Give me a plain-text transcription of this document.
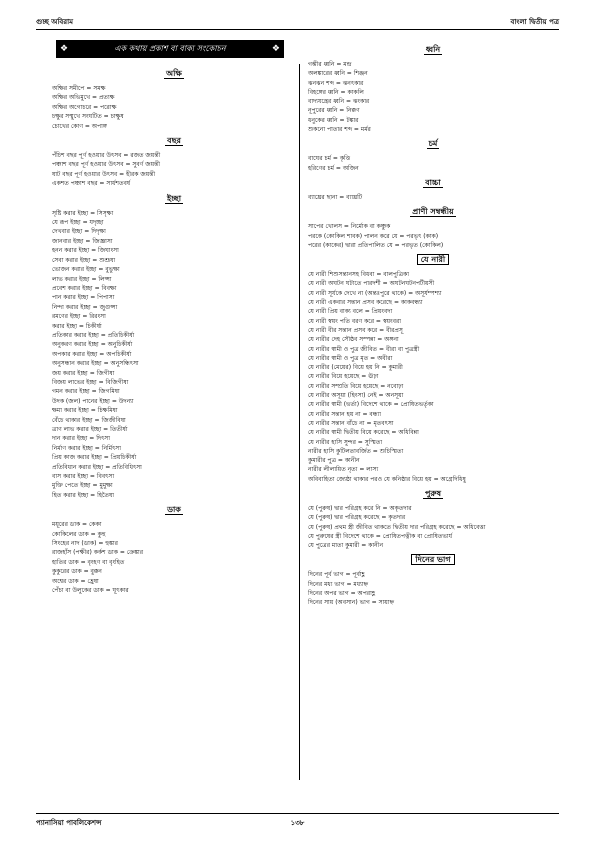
গুচ্ছ অবিরাম	বাংলা দ্বিতীয় পত্র
❖	এক কথায় প্রকাশ বা বাক্য সংকোচন	❖
অক্ষি
অক্ষির সমীপে = সমক্ষ
অক্ষির অভিমুখে = প্রত্যক্ষ
অক্ষির অগোচরে = পরোক্ষ
চক্ষুর সম্মুখে সংঘটিত = চাক্ষুষ
চোখের কোণ = অপাঙ্গ
বছর
পঁচিশ বছর পূর্ণ হওয়ার উৎসব = রজত জয়ন্তী
পঞ্চাশ বছর পূর্ণ হওয়ার উৎসব = সুবর্ণ জয়ন্তী
ষাট বছর পূর্ণ হওয়ার উৎসব = হীরক জয়ন্তী
একশত পঞ্চাশ বছর = সার্ধশতবর্ষ
ইচ্ছা
সৃষ্টি করার ইচ্ছা = সিসৃক্ষা
যে রূপ ইচ্ছা = যদৃচ্ছা
দেখবার ইচ্ছা = দিদৃক্ষা
জানবার ইচ্ছা = জিজ্ঞাসা
হনন করার ইচ্ছা = জিঘাংসা
সেবা করার ইচ্ছা = শুশ্রূষা
ভোজন করার ইচ্ছা = বুভুক্ষা
লাভ করার ইচ্ছা = লিপ্সা
প্রবেশ করার ইচ্ছা = বিবক্ষা
পান করার ইচ্ছা = পিপাসা
নিন্দা করার ইচ্ছা = জুগুপ্সা
রমণের ইচ্ছা = রিরংসা
করার ইচ্ছা = চিকীর্ষা
প্রতিকার করার ইচ্ছা = প্রতিচিকীর্ষা
অনুকরণ করার ইচ্ছা = অনুচিকীর্ষা
অপকার করার ইচ্ছা = অপচিকীর্ষা
অনুসন্ধান করার ইচ্ছা = অনুসন্ধিৎসা
জয় করার ইচ্ছা = জিগীষা
বিজয় লাভের ইচ্ছা = বিজিগীষা
গমন করার ইচ্ছা = জিগমিষা
উদক (জল) পানের ইচ্ছা = উদন্যা
ক্ষমা করার ইচ্ছা = চিক্ষমিষা
বেঁচে থাকার ইচ্ছা = জিজীবিষা
ত্রাণ লাভ করার ইচ্ছা = তিতীর্ষা
দান করার ইচ্ছা = দিৎসা
নির্মাণ করার ইচ্ছা = নির্মিৎসা
প্রিয় কাজ করার ইচ্ছা = প্রিয়চিকীর্ষা
প্রতিবিধান করার ইচ্ছা = প্রতিবিধিৎসা
বাস করার ইচ্ছা = বিবৎসা
মুক্তি পেতে ইচ্ছা = মুমুক্ষা
হিত করার ইচ্ছা = হিতৈষা
ডাক
ময়ূরের ডাক = কেকা
কোকিলের ডাক = কুহু
সিংহের নাদ (ডাক) = হুঙ্কার
রাজহাঁস (পক্ষীর) কর্কশ ডাক = ক্রেঙ্কার
হাতির ডাক = বৃংহণ বা বৃংহিত
কুকুরের ডাক = বুক্কন
অশ্বের ডাক = হ্রেষা
পেঁচা বা উলুকের ডাক = ঘূৎকার
ধ্বনি
গম্ভীর ধ্বনি = মন্দ্র
অলঙ্কারের ধ্বনি = শিঞ্জন
ঝনঝন শব্দ = ঝনৎকার
বিহঙ্গের ধ্বনি = কাকলি
বাদ্যযন্ত্রের ধ্বনি = ঝংকার
নূপুরের ধ্বনি = নিক্কণ
ধনুকের ধ্বনি = টঙ্কার
শুকনো পাতার শব্দ = মর্মর
চর্ম
বাঘের চর্ম = কৃত্তি
হরিণের চর্ম = অজিন
বাচ্চা
ব্যাঘ্রের ছানা = ব্যাঘ্রটি
প্রাণী সম্বন্ধীয়
সাপের খোলস = নির্মোক বা কঞ্চুক
পরকে (কোকিল শাবক) পালন করে যে = পরভৃৎ (কাক)
পরের (কাকের) দ্বারা প্রতিপালিত যে = পরভৃত (কোকিল)
যে নারী
যে নারী শিশুসন্তানসহ বিধবা = বালপুত্রিকা
যে নারী অঘটন ঘটাতে পারদর্শী = অঘটনঘটনপটীয়সী
যে নারী সূর্যকে দেখে না (অন্তঃপুরে থাকে) = অসূর্যম্পশ্যা
যে নারী একবার সন্তান প্রসব করেছে = কাকবন্ধ্যা
যে নারী প্রিয় বাক্য বলে = প্রিয়ংবদা
যে নারী স্বয়ং পতি বরণ করে = স্বয়ংবরা
যে নারী বীর সন্তান প্রসব করে = বীরপ্রসূ
যে নারীর দেহ সৌষ্ঠব সম্পন্না = অঙ্গনা
যে নারীর স্বামী ও পুত্র জীবিত = বীরা বা পুত্রস্ত্রী
যে নারীর স্বামী ও পুত্র মৃত = অবীরা
যে নারীর (মেয়ের) বিয়ে হয় নি = কুমারী
যে নারীর বিয়ে হয়েছে = ঊঢ়া
যে নারীর সম্প্রতি বিয়ে হয়েছে = নবোঢ়া
যে নারীর অসূয়া (হিংসা) নেই = অনসূয়া
যে নারীর স্বামী (ভর্তা) বিদেশে থাকে = প্রোষিতভর্তৃকা
যে নারীর সন্তান হয় না = বন্ধ্যা
যে নারীর সন্তান বাঁচে না = মৃতবৎসা
যে নারীর স্বামী দ্বিতীয় বিয়ে করেছে = অধিবিন্না
যে নারীর হাসি সুন্দর = সুস্মিতা
নারীর হাসি কুটিলতাবর্জিত = শুচিস্মিতা
কুমারীর পুত্র = কানীন
নারীর লীলায়িত নৃত্য = লাস্য
অবিবাহিতা জ্যেষ্ঠা থাকার পরও যে কনিষ্ঠার বিয়ে হয় = অগ্রেদিধিষু
পুরুষ
যে (পুরুষ) দ্বার পরিগ্রহ করে নি = অকৃতদার
যে (পুরুষ) দ্বার পরিগ্রহ করেছে = কৃতদার
যে (পুরুষ) প্রথম স্ত্রী জীবিত থাকতে দ্বিতীয় দার পরিগ্রহ করেছে = অধিবেত্তা
যে পুরুষের স্ত্রী বিদেশে থাকে = প্রোষিতপত্নীক বা প্রোষিতভার্য
যে পুত্রের মাতা কুমারী = কানীন
দিনের ভাগ
দিনের পূর্ব ভাগ = পূর্বাহ্ণ
দিনের মধ্য ভাগ = মধ্যাহ্ন
দিনের অপর ভাগ = অপরাহ্ণ
দিনের সায় (অবসান) ভাগ = সায়াহ্ন
প্যানাসিয়া পাবলিকেশন্স	১৩৮
